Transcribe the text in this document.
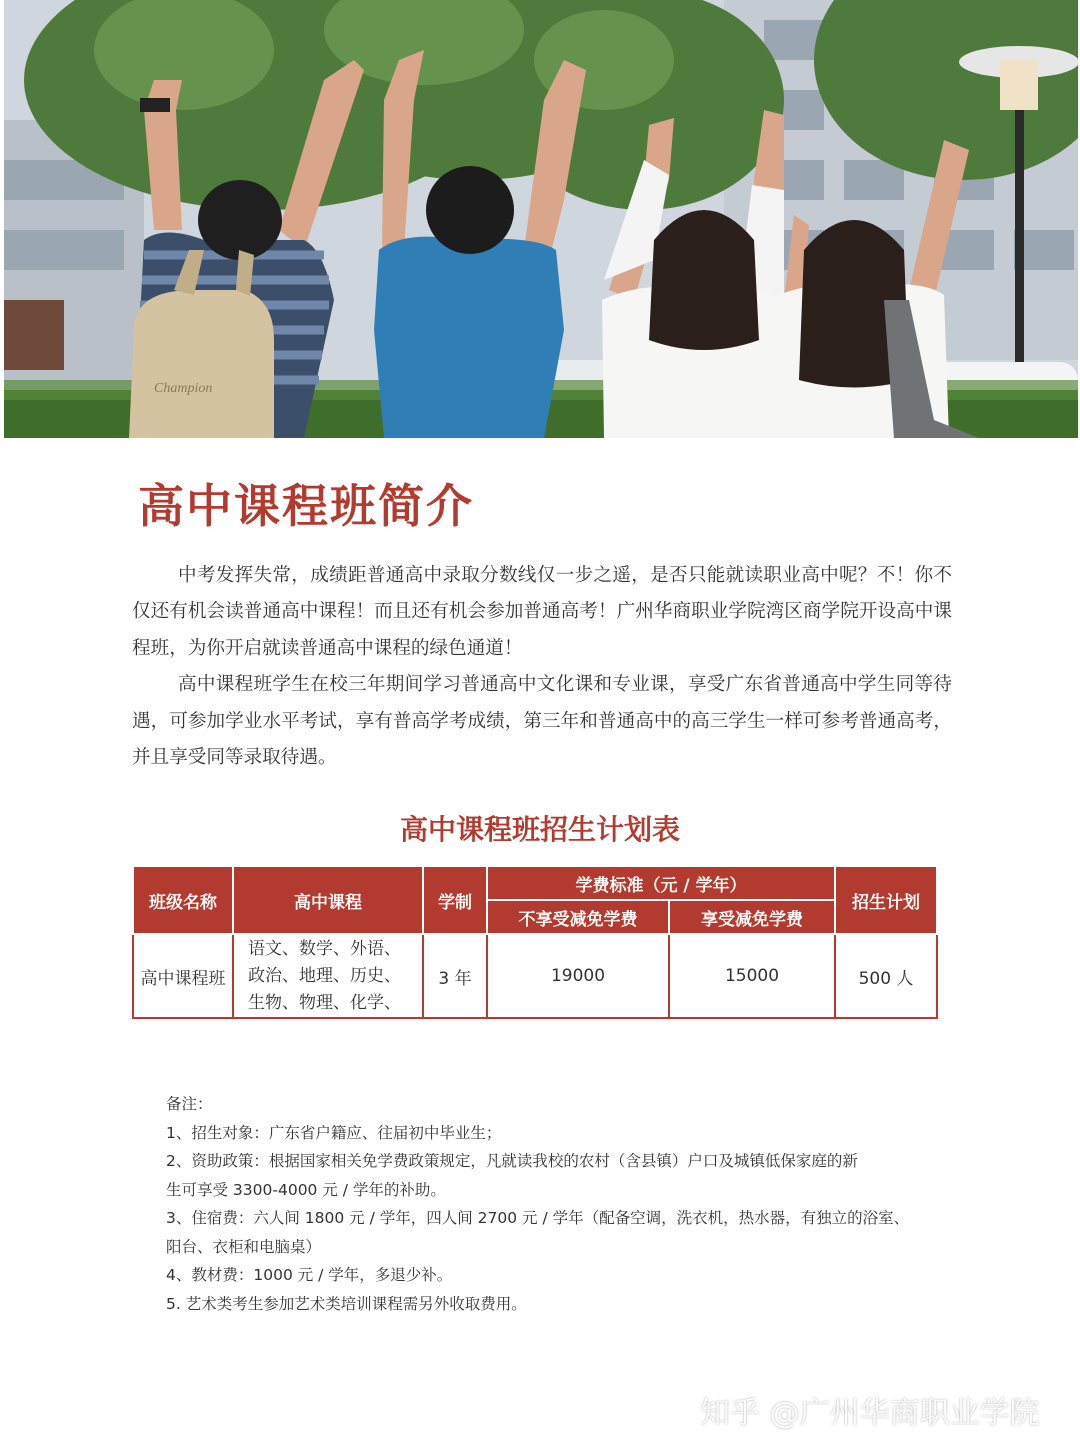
Champion
高中课程班简介

中考发挥失常，成绩距普通高中录取分数线仅一步之遥，是否只能就读职业高中呢？不！你不仅还有机会读普通高中课程！而且还有机会参加普通高考！广州华商职业学院湾区商学院开设高中课程班，为你开启就读普通高中课程的绿色通道！

高中课程班学生在校三年期间学习普通高中文化课和专业课，享受广东省普通高中学生同等待遇，可参加学业水平考试，享有普高学考成绩，第三年和普通高中的高三学生一样可参考普通高考，并且享受同等录取待遇。

高中课程班招生计划表
班级名称	高中课程	学制	学费标准（元 / 学年）		招生计划
			不享受减免学费	享受减免学费	
高中课程班	语文、数学、外语、
政治、地理、历史、
生物、物理、化学、	3 年	19000	15000	500 人
备注：
1、招生对象：广东省户籍应、往届初中毕业生；
2、资助政策：根据国家相关免学费政策规定，凡就读我校的农村（含县镇）户口及城镇低保家庭的新
生可享受 3300-4000 元 / 学年的补助。
3、住宿费：六人间 1800 元 / 学年，四人间 2700 元 / 学年（配备空调，洗衣机，热水器，有独立的浴室、
阳台、衣柜和电脑桌）
4、教材费：1000 元 / 学年，多退少补。
5. 艺术类考生参加艺术类培训课程需另外收取费用。
知乎 @广州华商职业学院
